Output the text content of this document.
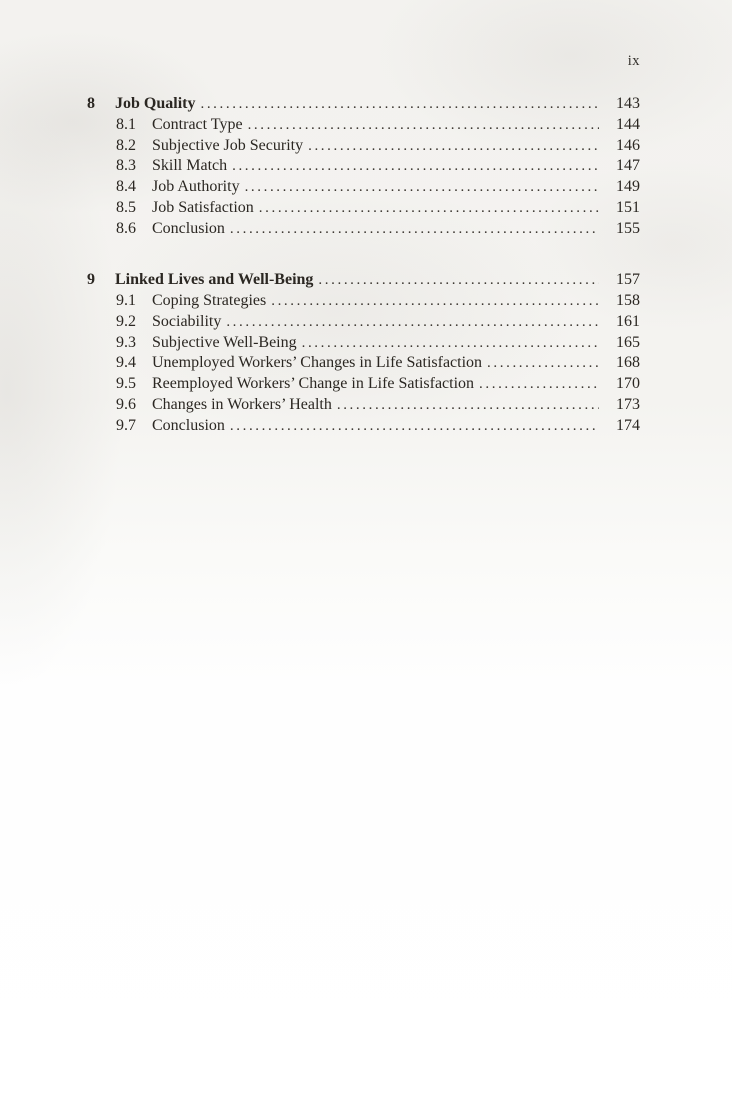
ix
8	Job Quality .....	143
8.1	Contract Type .....	144
8.2	Subjective Job Security .....	146
8.3	Skill Match .....	147
8.4	Job Authority .....	149
8.5	Job Satisfaction .....	151
8.6	Conclusion .....	155
9	Linked Lives and Well-Being .....	157
9.1	Coping Strategies .....	158
9.2	Sociability .....	161
9.3	Subjective Well-Being .....	165
9.4	Unemployed Workers’ Changes in Life Satisfaction .....	168
9.5	Reemployed Workers’ Change in Life Satisfaction .....	170
9.6	Changes in Workers’ Health .....	173
9.7	Conclusion .....	174
